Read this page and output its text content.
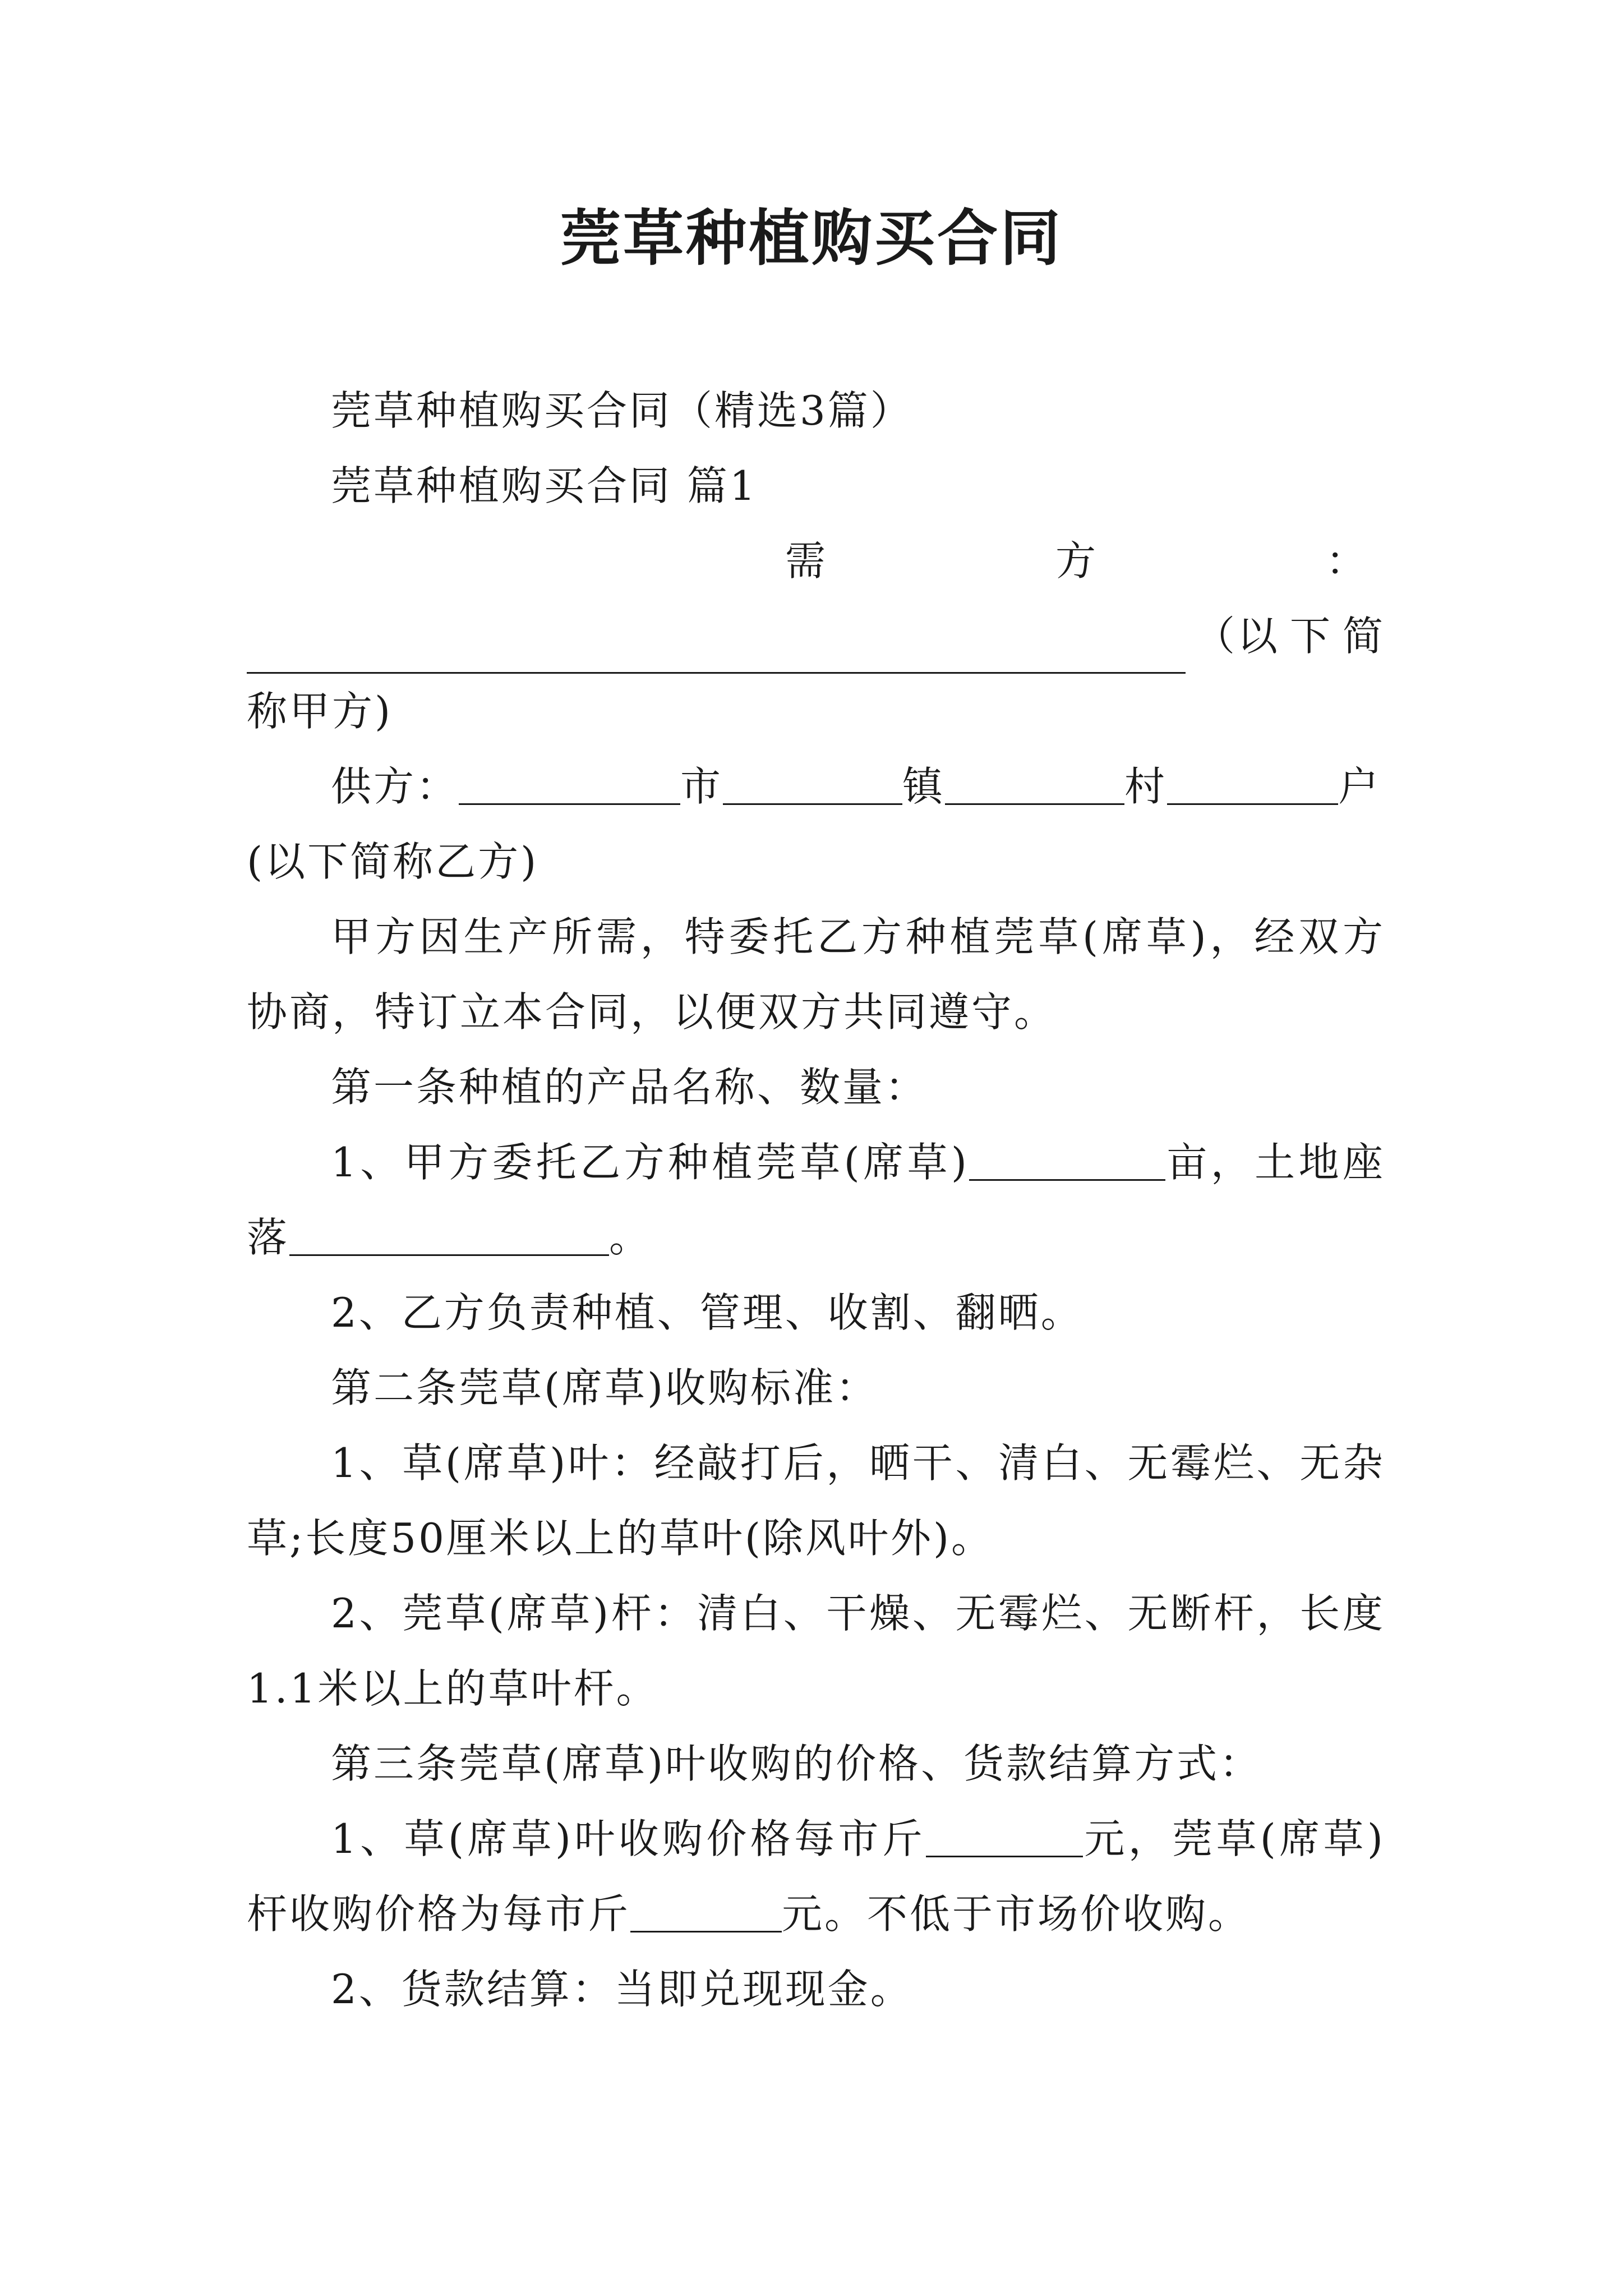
莞草种植购买合同

莞草种植购买合同（精选3篇）

莞草种植购买合同 篇1

需	方	：

（以 下 简

称甲方)

供方：	市	镇	村	户

(以下简称乙方)

甲方因生产所需，特委托乙方种植莞草(席草)，经双方协商，特订立本合同，以便双方共同遵守。

第一条种植的产品名称、数量：

1、甲方委托乙方种植莞草(席草)	亩，土地座落	。

2、乙方负责种植、管理、收割、翻晒。

第二条莞草(席草)收购标准：

1、草(席草)叶：经敲打后，晒干、清白、无霉烂、无杂草;长度50厘米以上的草叶(除风叶外)。

2、莞草(席草)杆：清白、干燥、无霉烂、无断杆，长度1.1米以上的草叶杆。

第三条莞草(席草)叶收购的价格、货款结算方式：

1、草(席草)叶收购价格每市斤	元，莞草(席草)杆收购价格为每市斤	元。不低于市场价收购。

2、货款结算：当即兑现现金。
